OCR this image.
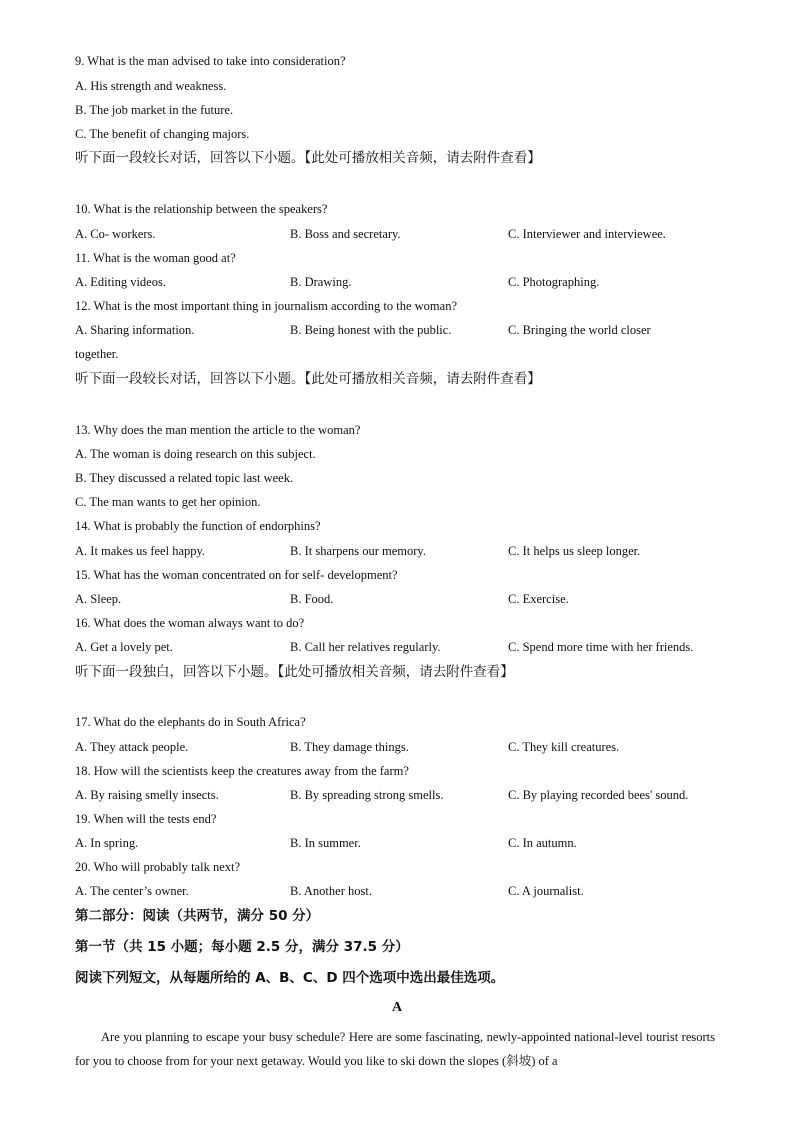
9. What is the man advised to take into consideration?
A. His strength and weakness.
B. The job market in the future.
C. The benefit of changing majors.
听下面一段较长对话，回答以下小题。【此处可播放相关音频，请去附件查看】
10. What is the relationship between the speakers?
A. Co- workers.	B. Boss and secretary.	C. Interviewer and interviewee.
11. What is the woman good at?
A. Editing videos.	B. Drawing.	C. Photographing.
12. What is the most important thing in journalism according to the woman?
A. Sharing information.	B. Being honest with the public.	C. Bringing the world closer
together.
听下面一段较长对话，回答以下小题。【此处可播放相关音频，请去附件查看】
13. Why does the man mention the article to the woman?
A. The woman is doing research on this subject.
B. They discussed a related topic last week.
C. The man wants to get her opinion.
14. What is probably the function of endorphins?
A. It makes us feel happy.	B. It sharpens our memory.	C. It helps us sleep longer.
15. What has the woman concentrated on for self- development?
A. Sleep.	B. Food.	C. Exercise.
16. What does the woman always want to do?
A. Get a lovely pet.	B. Call her relatives regularly.	C. Spend more time with her friends.
听下面一段独白，回答以下小题。【此处可播放相关音频，请去附件查看】
17. What do the elephants do in South Africa?
A. They attack people.	B. They damage things.	C. They kill creatures.
18. How will the scientists keep the creatures away from the farm?
A. By raising smelly insects.	B. By spreading strong smells.	C. By playing recorded bees' sound.
19. When will the tests end?
A. In spring.	B. In summer.	C. In autumn.
20. Who will probably talk next?
A. The center’s owner.	B. Another host.	C. A journalist.
第二部分：阅读（共两节，满分 50 分）
第一节（共 15 小题；每小题 2.5 分，满分 37.5 分）
阅读下列短文，从每题所给的 A、B、C、D 四个选项中选出最佳选项。
A
Are you planning to escape your busy schedule? Here are some fascinating, newly-appointed national-level tourist resorts for you to choose from for your next getaway. Would you like to ski down the slopes (斜坡) of a
